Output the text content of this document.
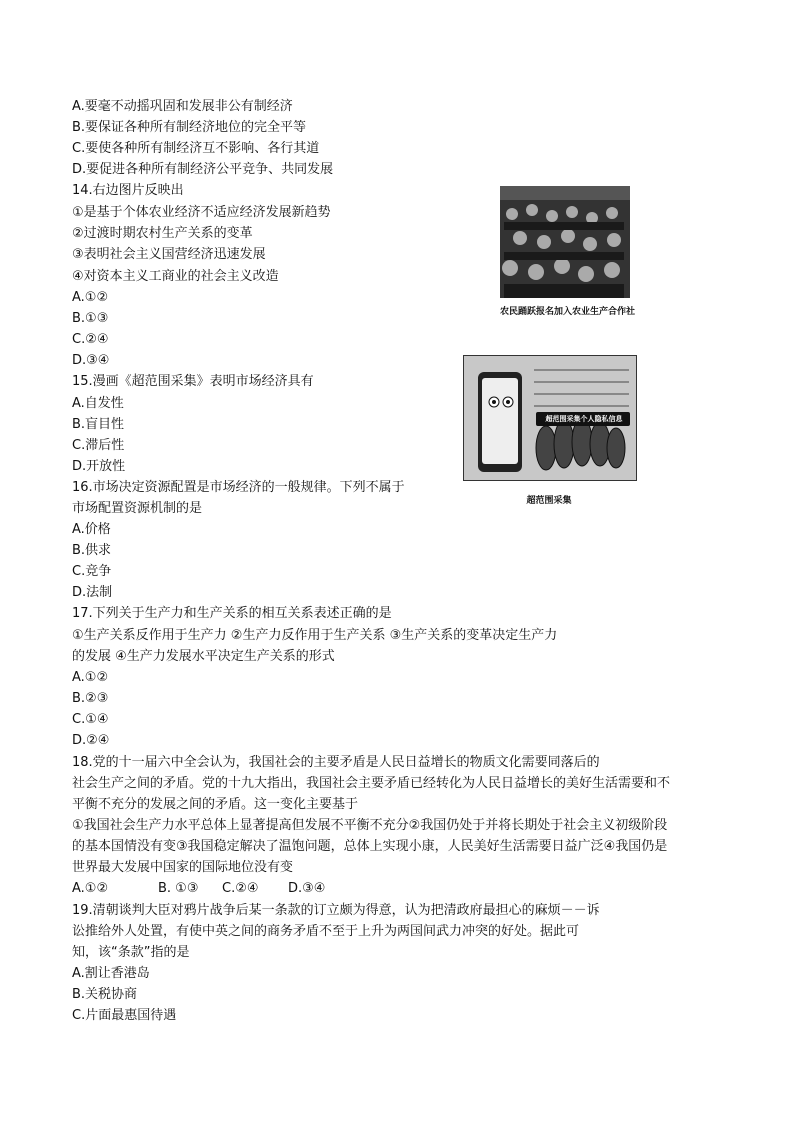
A.要毫不动摇巩固和发展非公有制经济
B.要保证各种所有制经济地位的完全平等
C.要使各种所有制经济互不影响、各行其道
D.要促进各种所有制经济公平竞争、共同发展
14.右边图片反映出
①是基于个体农业经济不适应经济发展新趋势
②过渡时期农村生产关系的变革
③表明社会主义国营经济迅速发展
④对资本主义工商业的社会主义改造
A.①②
B.①③
C.②④
D.③④
农民踊跃报名加入农业生产合作社
15.漫画《超范围采集》表明市场经济具有
A.自发性
B.盲目性
C.滞后性
D.开放性
超范围采集个人隐私信息
超范围采集
16.市场决定资源配置是市场经济的一般规律。下列不属于
市场配置资源机制的是
A.价格
B.供求
C.竞争
D.法制
17.下列关于生产力和生产关系的相互关系表述正确的是
①生产关系反作用于生产力 ②生产力反作用于生产关系 ③生产关系的变革决定生产力
的发展 ④生产力发展水平决定生产关系的形式
A.①②
B.②③
C.①④
D.②④
18.党的十一届六中全会认为，我国社会的主要矛盾是人民日益增长的物质文化需要同落后的
社会生产之间的矛盾。党的十九大指出，我国社会主要矛盾已经转化为人民日益增长的美好生活需要和不
平衡不充分的发展之间的矛盾。这一变化主要基于
①我国社会生产力水平总体上显著提高但发展不平衡不充分②我国仍处于并将长期处于社会主义初级阶段
的基本国情没有变③我国稳定解决了温饱问题，总体上实现小康，人民美好生活需要日益广泛④我国仍是
世界最大发展中国家的国际地位没有变
A.①②	B. ①③ C.②④ D.③④
19.清朝谈判大臣对鸦片战争后某一条款的订立颇为得意，认为把清政府最担心的麻烦－－诉
讼推给外人处置，有使中英之间的商务矛盾不至于上升为两国间武力冲突的好处。据此可
知，该“条款”指的是
A.割让香港岛
B.关税协商
C.片面最惠国待遇
